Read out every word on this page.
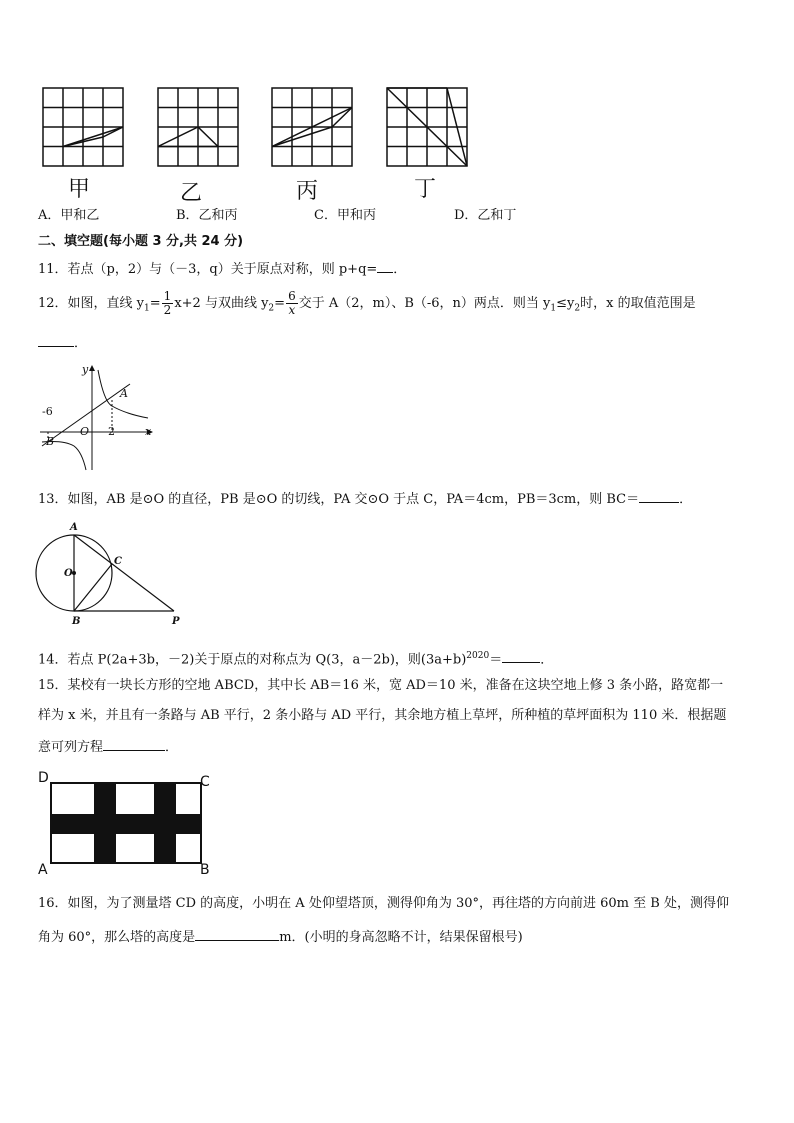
甲	乙	丙	丁
A．甲和乙	B．乙和丙	C．甲和丙	D．乙和丁
二、填空题(每小题 3 分,共 24 分)
11．若点（p，2）与（－3，q）关于原点对称，则 p+q= ．
12．如图，直线 $y_1= \frac{1}{2} x+2$ 与双曲线 $y_2= \frac{6}{x}$ 交于 A（2，m）、B（-6，n）两点．则当 $y_1\le y_2$时，x 的取值范围是
．
y
x
-6
O 2
A
B
13．如图，AB 是⊙O 的直径，PB 是⊙O 的切线，PA 交⊙O 于点 C，PA＝4cm，PB＝3cm，则 BC＝	．
A
O
C
B	P
14．若点 P(2a+3b，－2)关于原点的对称点为 Q(3，a－2b)，则$(3a+b)^{2020}=$	．
15．某校有一块长方形的空地 ABCD，其中长 AB＝16 米，宽 AD＝10 米，准备在这块空地上修 3 条小路，路宽都一
样为 x 米，并且有一条路与 AB 平行，2 条小路与 AD 平行，其余地方植上草坪，所种植的草坪面积为 110 米．根据题
意可列方程	．
D	C
A	B
16．如图，为了测量塔 CD 的高度，小明在 A 处仰望塔顶，测得仰角为 30°，再往塔的方向前进 60m 至 B 处，测得仰
角为 60°，那么塔的高度是	m．(小明的身高忽略不计，结果保留根号)
